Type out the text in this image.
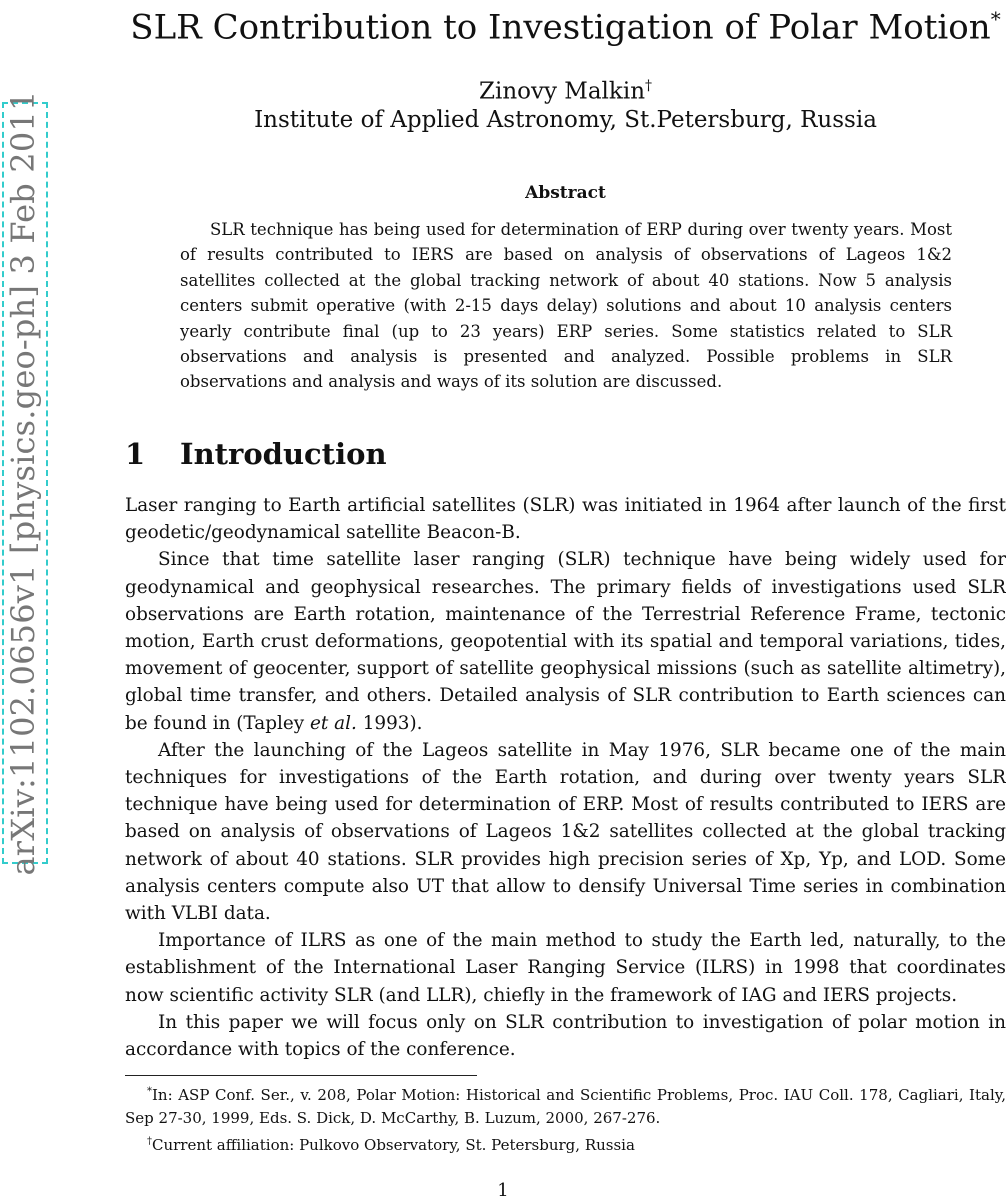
arXiv:1102.0656v1 [physics.geo-ph] 3 Feb 2011
SLR Contribution to Investigation of Polar Motion*
Zinovy Malkin†
Institute of Applied Astronomy, St.Petersburg, Russia
Abstract

SLR technique has being used for determination of ERP during over twenty years. Most of results contributed to IERS are based on analysis of observations of Lageos 1&2 satellites collected at the global tracking network of about 40 stations. Now 5 analysis centers submit operative (with 2-15 days delay) solutions and about 10 analysis centers yearly contribute final (up to 23 years) ERP series. Some statistics related to SLR observations and analysis is presented and analyzed. Possible problems in SLR observations and analysis and ways of its solution are discussed.

1 Introduction

Laser ranging to Earth artificial satellites (SLR) was initiated in 1964 after launch of the first geodetic/geodynamical satellite Beacon-B.

Since that time satellite laser ranging (SLR) technique have being widely used for geodynamical and geophysical researches. The primary fields of investigations used SLR observations are Earth rotation, maintenance of the Terrestrial Reference Frame, tectonic motion, Earth crust deformations, geopotential with its spatial and temporal variations, tides, movement of geocenter, support of satellite geophysical missions (such as satellite altimetry), global time transfer, and others. Detailed analysis of SLR contribution to Earth sciences can be found in (Tapley et al. 1993).

After the launching of the Lageos satellite in May 1976, SLR became one of the main techniques for investigations of the Earth rotation, and during over twenty years SLR technique have being used for determination of ERP. Most of results contributed to IERS are based on analysis of observations of Lageos 1&2 satellites collected at the global tracking network of about 40 stations. SLR provides high precision series of Xp, Yp, and LOD. Some analysis centers compute also UT that allow to densify Universal Time series in combination with VLBI data.

Importance of ILRS as one of the main method to study the Earth led, naturally, to the establishment of the International Laser Ranging Service (ILRS) in 1998 that coordinates now scientific activity SLR (and LLR), chiefly in the framework of IAG and IERS projects.

In this paper we will focus only on SLR contribution to investigation of polar motion in accordance with topics of the conference.

*In: ASP Conf. Ser., v. 208, Polar Motion: Historical and Scientific Problems, Proc. IAU Coll. 178, Cagliari, Italy, Sep 27-30, 1999, Eds. S. Dick, D. McCarthy, B. Luzum, 2000, 267-276.

†Current affiliation: Pulkovo Observatory, St. Petersburg, Russia

1
